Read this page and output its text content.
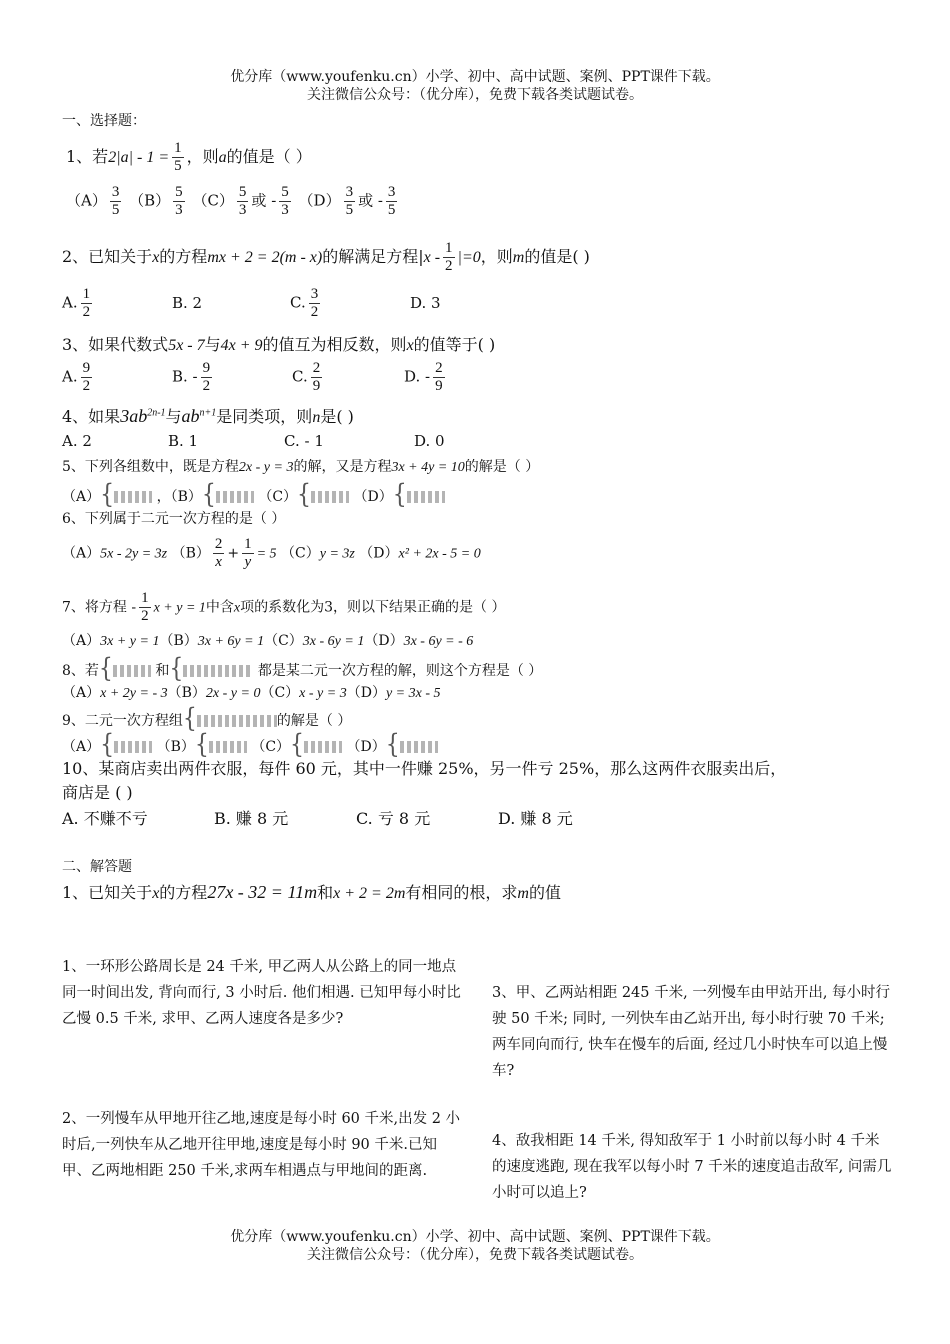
优分库（www.youfenku.cn）小学、初中、高中试题、案例、PPT课件下载。
关注微信公众号：（优分库），免费下载各类试题试卷。
一、选择题：
1、若$2|a| - 1 = \frac{1}{5}$ ，则a的值是（ ）
$(A) \frac{3}{5} (B) \frac{5}{3} (C) \frac{5}{3}$ 或 - $\frac{5}{3} (D) \frac{3}{5}$ 或 - $\frac{3}{5}$
2、已知关于x的方程mx + 2 = 2(m - x)的解满足方程$|x - \frac{1}{2} |=0$，则m的值是( )
A. $\frac{1}{2}$	B. 2	C. $\frac{3}{2}$	D. 3
3、如果代数式5x - 7与4x + 9的值互为相反数，则x的值等于( )
A. $\frac{9}{2}$	B. - $\frac{9}{2}$	C. $\frac{2}{9}$	D. - $\frac{2}{9}$
4、如果$3ab^{2n-1}$与$ab^{n+1}$是同类项，则n是( )
A. 2	B. 1	C. - 1	D. 0
5、下列各组数中，既是方程2x - y = 3的解，又是方程3x + 4y = 10的解是（ ）
（A）{	，（B）{	（C）{	（D）{
6、下列属于二元一次方程的是（ ）
（A）5x - 2y = 3z $(B) \frac{2}{x} + \frac{1}{y} = 5$ （C）y = 3z （D）x² + 2x - 5 = 0
7、将方程 - $\frac{1}{2}$ x + y = 1中含x项的系数化为3，则以下结果正确的是（ ）
（A）3x + y = 1（B）3x + 6y = 1（C）3x - 6y = 1（D）3x - 6y = - 6
8、若{	和{	都是某二元一次方程的解，则这个方程是（ ）
（A）x + 2y = - 3（B）2x - y = 0（C）x - y = 3（D）y = 3x - 5
9、二元一次方程组{	的解是（ ）
（A）{	（B）{	（C）{	（D）{
10、某商店卖出两件衣服，每件 60 元，其中一件赚 25%，另一件亏 25%，那么这两件衣服卖出后，
商店是 ( )
A. 不赚不亏	B. 赚 8 元	C. 亏 8 元	D. 赚 8 元
二、解答题
1、已知关于x的方程27x - 32 = 11m和x + 2 = 2m有相同的根，求m的值
1、一环形公路周长是 24 千米, 甲乙两人从公路上的同一地点同一时间出发, 背向而行, 3 小时后. 他们相遇. 已知甲每小时比乙慢 0.5 千米, 求甲、乙两人速度各是多少?
2、一列慢车从甲地开往乙地,速度是每小时 60 千米,出发 2 小时后,一列快车从乙地开往甲地,速度是每小时 90 千米.已知甲、乙两地相距 250 千米,求两车相遇点与甲地间的距离.
3、甲、乙两站相距 245 千米, 一列慢车由甲站开出, 每小时行驶 50 千米; 同时, 一列快车由乙站开出, 每小时行驶 70 千米; 两车同向而行, 快车在慢车的后面, 经过几小时快车可以追上慢车?
4、敌我相距 14 千米, 得知敌军于 1 小时前以每小时 4 千米的速度逃跑, 现在我军以每小时 7 千米的速度追击敌军, 问需几小时可以追上?
优分库（www.youfenku.cn）小学、初中、高中试题、案例、PPT课件下载。
关注微信公众号：（优分库），免费下载各类试题试卷。
